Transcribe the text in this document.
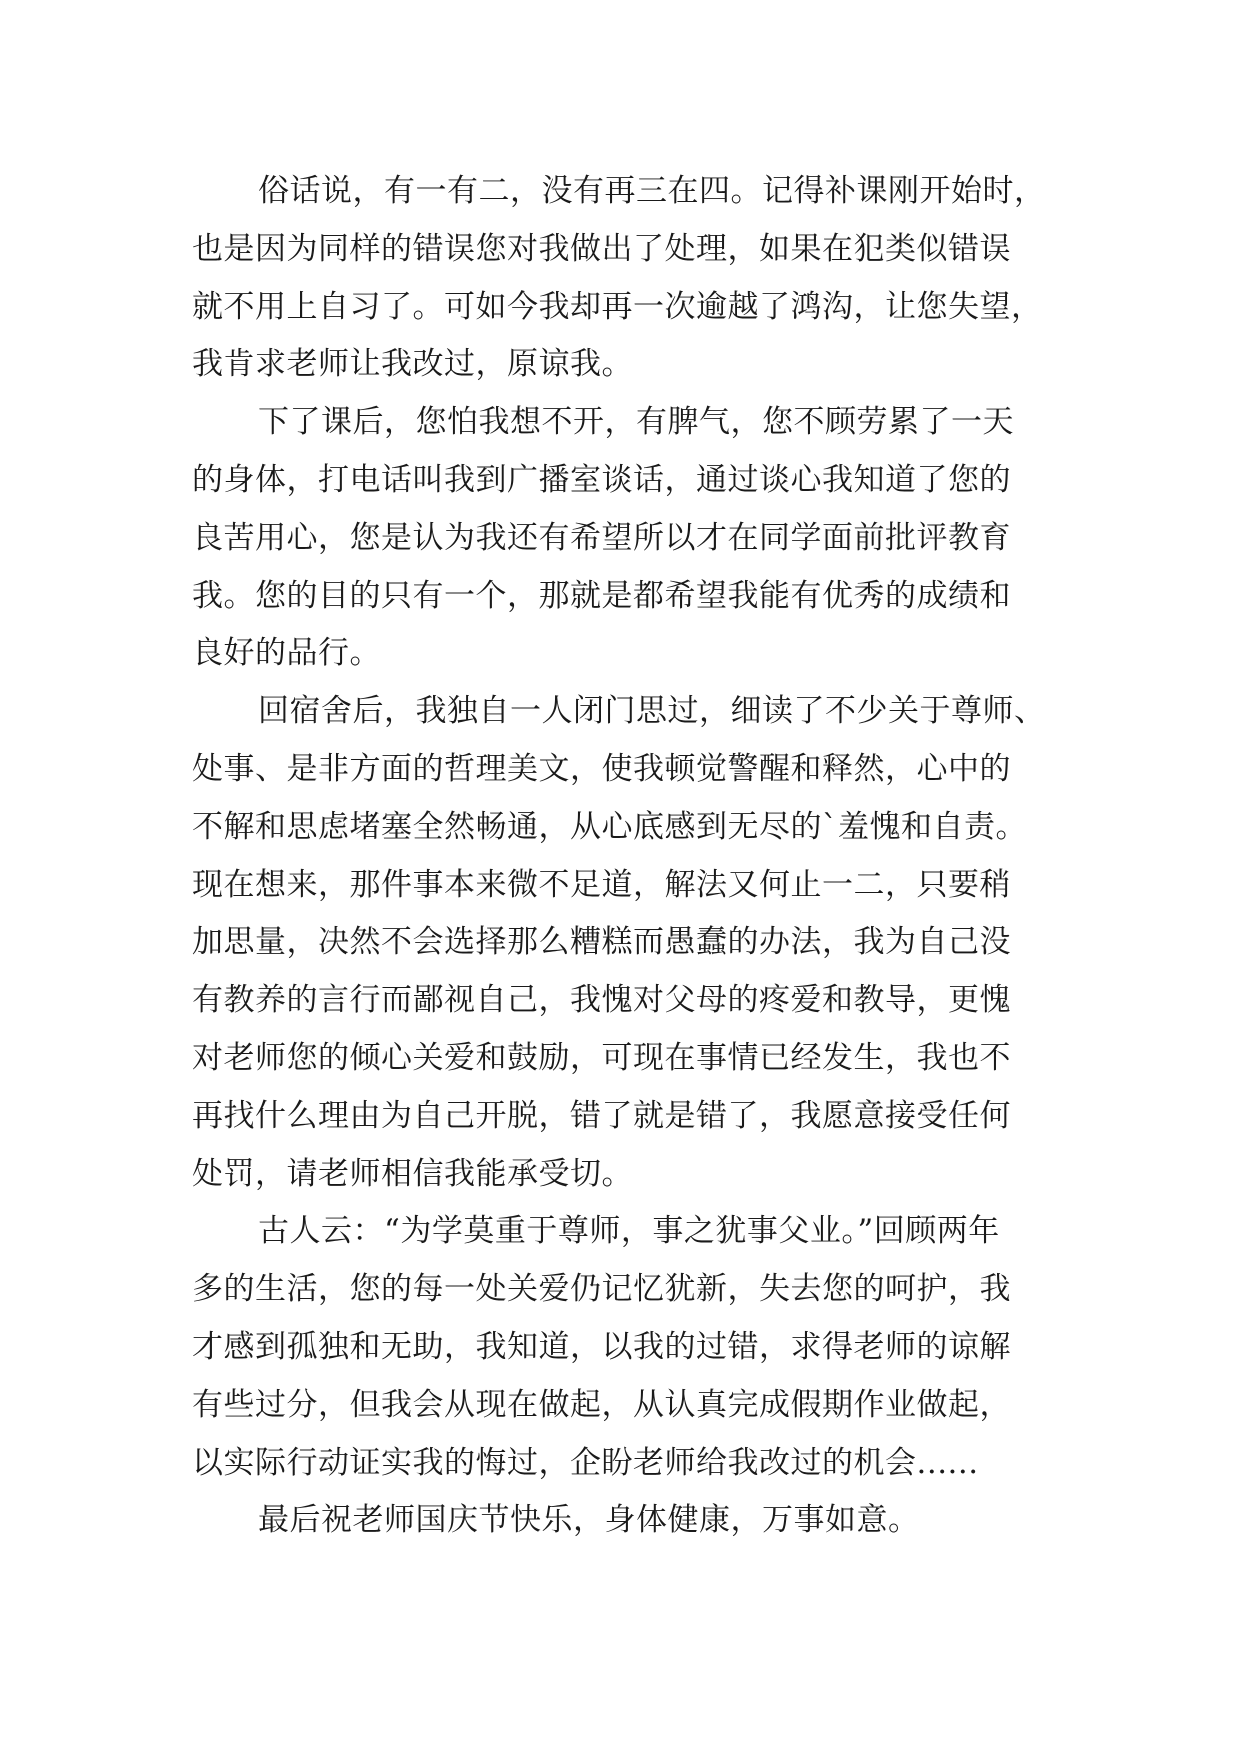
俗话说，有一有二，没有再三在四。记得补课刚开始时，
也是因为同样的错误您对我做出了处理，如果在犯类似错误
就不用上自习了。可如今我却再一次逾越了鸿沟，让您失望，
我肯求老师让我改过，原谅我。
下了课后，您怕我想不开，有脾气，您不顾劳累了一天
的身体，打电话叫我到广播室谈话，通过谈心我知道了您的
良苦用心，您是认为我还有希望所以才在同学面前批评教育
我。您的目的只有一个，那就是都希望我能有优秀的成绩和
良好的品行。
回宿舍后，我独自一人闭门思过，细读了不少关于尊师、
处事、是非方面的哲理美文，使我顿觉警醒和释然，心中的
不解和思虑堵塞全然畅通，从心底感到无尽的`羞愧和自责。
现在想来，那件事本来微不足道，解法又何止一二，只要稍
加思量，决然不会选择那么糟糕而愚蠢的办法，我为自己没
有教养的言行而鄙视自己，我愧对父母的疼爱和教导，更愧
对老师您的倾心关爱和鼓励，可现在事情已经发生，我也不
再找什么理由为自己开脱，错了就是错了，我愿意接受任何
处罚，请老师相信我能承受切。
古人云：“为学莫重于尊师，事之犹事父业。”回顾两年
多的生活，您的每一处关爱仍记忆犹新，失去您的呵护，我
才感到孤独和无助，我知道，以我的过错，求得老师的谅解
有些过分，但我会从现在做起，从认真完成假期作业做起，
以实际行动证实我的悔过，企盼老师给我改过的机会......
最后祝老师国庆节快乐，身体健康，万事如意。
